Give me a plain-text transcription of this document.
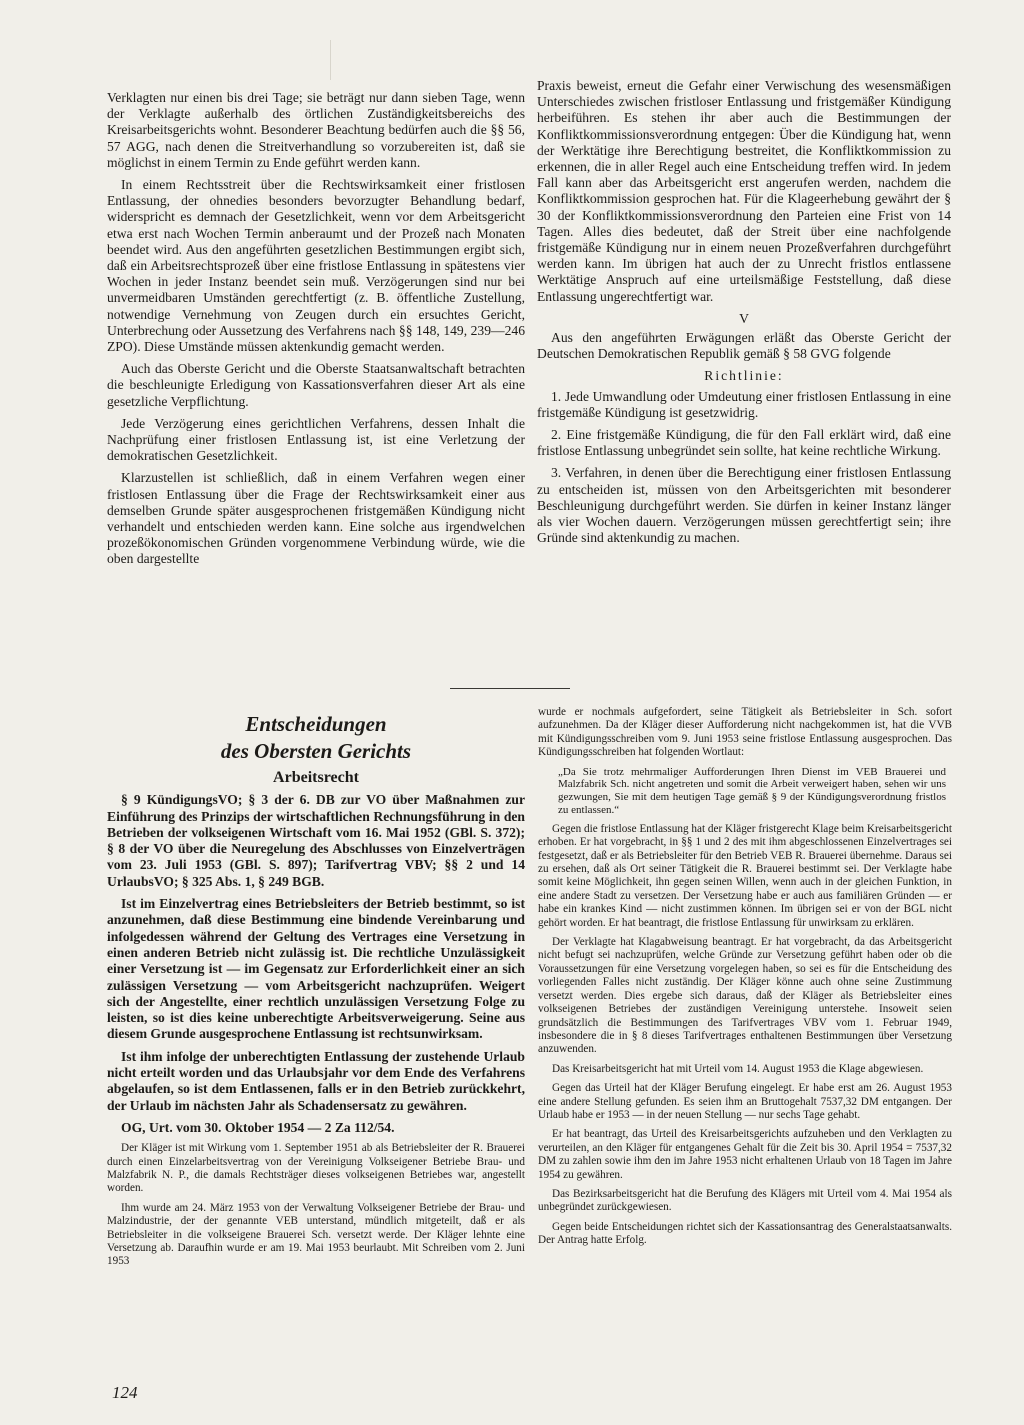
Verklagten nur einen bis drei Tage; sie beträgt nur dann sieben Tage, wenn der Verklagte außerhalb des örtlichen Zuständigkeitsbereichs des Kreisarbeitsgerichts wohnt. Besonderer Beachtung bedürfen auch die §§ 56, 57 AGG, nach denen die Streitverhandlung so vorzubereiten ist, daß sie möglichst in einem Termin zu Ende geführt werden kann.

In einem Rechtsstreit über die Rechtswirksamkeit einer fristlosen Entlassung, der ohnedies besonders bevorzugter Behandlung bedarf, widerspricht es demnach der Gesetzlichkeit, wenn vor dem Arbeitsgericht etwa erst nach Wochen Termin anberaumt und der Prozeß nach Monaten beendet wird. Aus den angeführten gesetzlichen Bestimmungen ergibt sich, daß ein Arbeitsrechtsprozeß über eine fristlose Entlassung in spätestens vier Wochen in jeder Instanz beendet sein muß. Verzögerungen sind nur bei unvermeidbaren Umständen gerechtfertigt (z. B. öffentliche Zustellung, notwendige Vernehmung von Zeugen durch ein ersuchtes Gericht, Unterbrechung oder Aussetzung des Verfahrens nach §§ 148, 149, 239—246 ZPO). Diese Umstände müssen aktenkundig gemacht werden.

Auch das Oberste Gericht und die Oberste Staatsanwaltschaft betrachten die beschleunigte Erledigung von Kassationsverfahren dieser Art als eine gesetzliche Verpflichtung.

Jede Verzögerung eines gerichtlichen Verfahrens, dessen Inhalt die Nachprüfung einer fristlosen Entlassung ist, ist eine Verletzung der demokratischen Gesetzlichkeit.

Klarzustellen ist schließlich, daß in einem Verfahren wegen einer fristlosen Entlassung über die Frage der Rechtswirksamkeit einer aus demselben Grunde später ausgesprochenen fristgemäßen Kündigung nicht verhandelt und entschieden werden kann. Eine solche aus irgendwelchen prozeßökonomischen Gründen vorgenommene Verbindung würde, wie die oben dargestellte

Praxis beweist, erneut die Gefahr einer Verwischung des wesensmäßigen Unterschiedes zwischen fristloser Entlassung und fristgemäßer Kündigung herbeiführen. Es stehen ihr aber auch die Bestimmungen der Konfliktkommissionsverordnung entgegen: Über die Kündigung hat, wenn der Werktätige ihre Berechtigung bestreitet, die Konfliktkommission zu erkennen, die in aller Regel auch eine Entscheidung treffen wird. In jedem Fall kann aber das Arbeitsgericht erst angerufen werden, nachdem die Konfliktkommission gesprochen hat. Für die Klageerhebung gewährt der § 30 der Konfliktkommissionsverordnung den Parteien eine Frist von 14 Tagen. Alles dies bedeutet, daß der Streit über eine nachfolgende fristgemäße Kündigung nur in einem neuen Prozeßverfahren durchgeführt werden kann. Im übrigen hat auch der zu Unrecht fristlos entlassene Werktätige Anspruch auf eine urteilsmäßige Feststellung, daß diese Entlassung ungerechtfertigt war.

V

Aus den angeführten Erwägungen erläßt das Oberste Gericht der Deutschen Demokratischen Republik gemäß § 58 GVG folgende

Richtlinie:

1. Jede Umwandlung oder Umdeutung einer fristlosen Entlassung in eine fristgemäße Kündigung ist gesetzwidrig.

2. Eine fristgemäße Kündigung, die für den Fall erklärt wird, daß eine fristlose Entlassung unbegründet sein sollte, hat keine rechtliche Wirkung.

3. Verfahren, in denen über die Berechtigung einer fristlosen Entlassung zu entscheiden ist, müssen von den Arbeitsgerichten mit besonderer Beschleunigung durchgeführt werden. Sie dürfen in keiner Instanz länger als vier Wochen dauern. Verzögerungen müssen gerechtfertigt sein; ihre Gründe sind aktenkundig zu machen.

Entscheidungen
des Obersten Gerichts
Arbeitsrecht

§ 9 KündigungsVO; § 3 der 6. DB zur VO über Maßnahmen zur Einführung des Prinzips der wirtschaftlichen Rechnungsführung in den Betrieben der volkseigenen Wirtschaft vom 16. Mai 1952 (GBl. S. 372); § 8 der VO über die Neuregelung des Abschlusses von Einzelverträgen vom 23. Juli 1953 (GBl. S. 897); Tarifvertrag VBV; §§ 2 und 14 UrlaubsVO; § 325 Abs. 1, § 249 BGB.

Ist im Einzelvertrag eines Betriebsleiters der Betrieb bestimmt, so ist anzunehmen, daß diese Bestimmung eine bindende Vereinbarung und infolgedessen während der Geltung des Vertrages eine Versetzung in einen anderen Betrieb nicht zulässig ist. Die rechtliche Unzulässigkeit einer Versetzung ist — im Gegensatz zur Erforderlichkeit einer an sich zulässigen Versetzung — vom Arbeitsgericht nachzuprüfen. Weigert sich der Angestellte, einer rechtlich unzulässigen Versetzung Folge zu leisten, so ist dies keine unberechtigte Arbeitsverweigerung. Seine aus diesem Grunde ausgesprochene Entlassung ist rechtsunwirksam.

Ist ihm infolge der unberechtigten Entlassung der zustehende Urlaub nicht erteilt worden und das Urlaubsjahr vor dem Ende des Verfahrens abgelaufen, so ist dem Entlassenen, falls er in den Betrieb zurückkehrt, der Urlaub im nächsten Jahr als Schadensersatz zu gewähren.

OG, Urt. vom 30. Oktober 1954 — 2 Za 112/54.

Der Kläger ist mit Wirkung vom 1. September 1951 ab als Betriebsleiter der R. Brauerei durch einen Einzelarbeitsvertrag von der Vereinigung Volkseigener Betriebe Brau- und Malzfabrik N. P., die damals Rechtsträger dieses volkseigenen Betriebes war, angestellt worden.

Ihm wurde am 24. März 1953 von der Verwaltung Volkseigener Betriebe der Brau- und Malzindustrie, der der genannte VEB unterstand, mündlich mitgeteilt, daß er als Betriebsleiter in die volkseigene Brauerei Sch. versetzt werde. Der Kläger lehnte eine Versetzung ab. Daraufhin wurde er am 19. Mai 1953 beurlaubt. Mit Schreiben vom 2. Juni 1953

wurde er nochmals aufgefordert, seine Tätigkeit als Betriebsleiter in Sch. sofort aufzunehmen. Da der Kläger dieser Aufforderung nicht nachgekommen ist, hat die VVB mit Kündigungsschreiben vom 9. Juni 1953 seine fristlose Entlassung ausgesprochen. Das Kündigungsschreiben hat folgenden Wortlaut:

„Da Sie trotz mehrmaliger Aufforderungen Ihren Dienst im VEB Brauerei und Malzfabrik Sch. nicht angetreten und somit die Arbeit verweigert haben, sehen wir uns gezwungen, Sie mit dem heutigen Tage gemäß § 9 der Kündigungsverordnung fristlos zu entlassen.“

Gegen die fristlose Entlassung hat der Kläger fristgerecht Klage beim Kreisarbeitsgericht erhoben. Er hat vorgebracht, in §§ 1 und 2 des mit ihm abgeschlossenen Einzelvertrages sei festgesetzt, daß er als Betriebsleiter für den Betrieb VEB R. Brauerei übernehme. Daraus sei zu ersehen, daß als Ort seiner Tätigkeit die R. Brauerei bestimmt sei. Der Verklagte habe somit keine Möglichkeit, ihn gegen seinen Willen, wenn auch in der gleichen Funktion, in eine andere Stadt zu versetzen. Der Versetzung habe er auch aus familiären Gründen — er habe ein krankes Kind — nicht zustimmen können. Im übrigen sei er von der BGL nicht gehört worden. Er hat beantragt, die fristlose Entlassung für unwirksam zu erklären.

Der Verklagte hat Klagabweisung beantragt. Er hat vorgebracht, da das Arbeitsgericht nicht befugt sei nachzuprüfen, welche Gründe zur Versetzung geführt haben oder ob die Voraussetzungen für eine Versetzung vorgelegen haben, so sei es für die Entscheidung des vorliegenden Falles nicht zuständig. Der Kläger könne auch ohne seine Zustimmung versetzt werden. Dies ergebe sich daraus, daß der Kläger als Betriebsleiter eines volkseigenen Betriebes der zuständigen Vereinigung unterstehe. Insoweit seien grundsätzlich die Bestimmungen des Tarifvertrages VBV vom 1. Februar 1949, insbesondere die in § 8 dieses Tarifvertrages enthaltenen Bestimmungen über Versetzung anzuwenden.

Das Kreisarbeitsgericht hat mit Urteil vom 14. August 1953 die Klage abgewiesen.

Gegen das Urteil hat der Kläger Berufung eingelegt. Er habe erst am 26. August 1953 eine andere Stellung gefunden. Es seien ihm an Bruttogehalt 7537,32 DM entgangen. Der Urlaub habe er 1953 — in der neuen Stellung — nur sechs Tage gehabt.

Er hat beantragt, das Urteil des Kreisarbeitsgerichts aufzuheben und den Verklagten zu verurteilen, an den Kläger für entgangenes Gehalt für die Zeit bis 30. April 1954 = 7537,32 DM zu zahlen sowie ihm den im Jahre 1953 nicht erhaltenen Urlaub von 18 Tagen im Jahre 1954 zu gewähren.

Das Bezirksarbeitsgericht hat die Berufung des Klägers mit Urteil vom 4. Mai 1954 als unbegründet zurückgewiesen.

Gegen beide Entscheidungen richtet sich der Kassationsantrag des Generalstaatsanwalts. Der Antrag hatte Erfolg.

124
